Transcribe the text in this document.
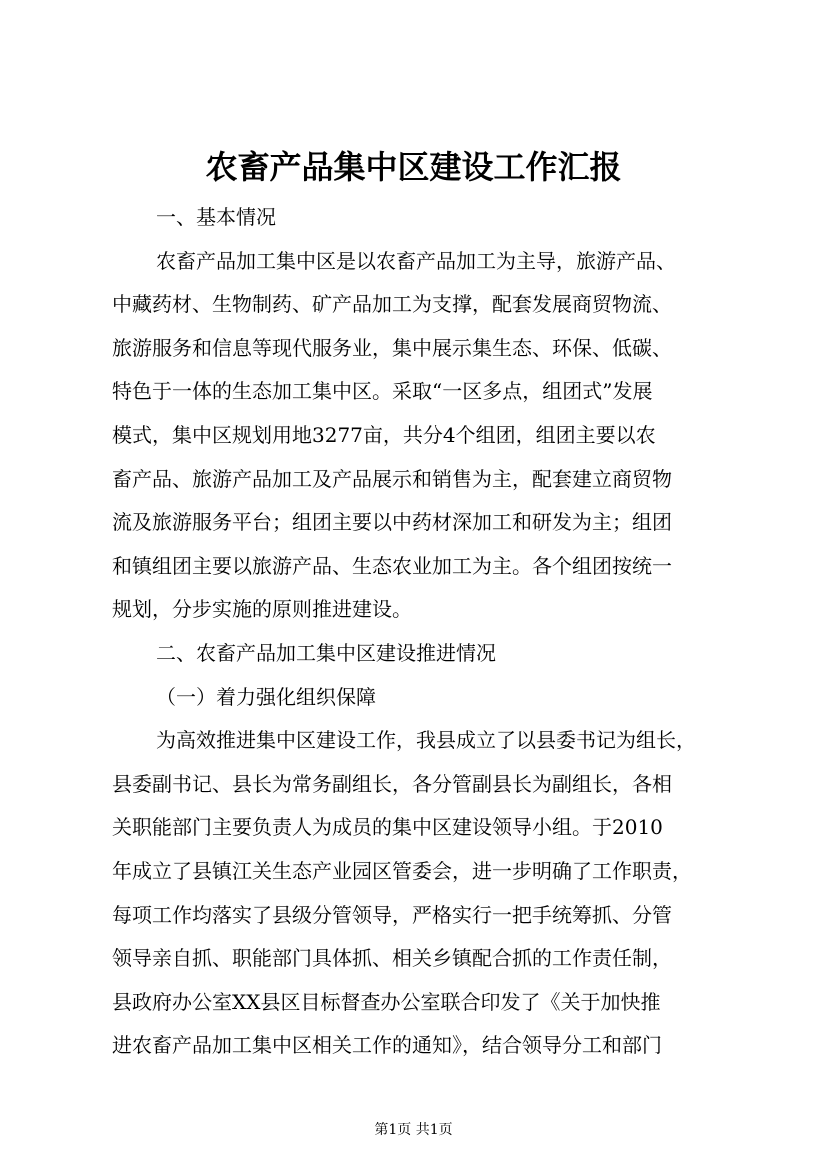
农畜产品集中区建设工作汇报
一、基本情况
农畜产品加工集中区是以农畜产品加工为主导，旅游产品、
中藏药材、生物制药、矿产品加工为支撑，配套发展商贸物流、
旅游服务和信息等现代服务业，集中展示集生态、环保、低碳、
特色于一体的生态加工集中区。采取“一区多点，组团式”发展
模式，集中区规划用地3277亩，共分4个组团，组团主要以农
畜产品、旅游产品加工及产品展示和销售为主，配套建立商贸物
流及旅游服务平台；组团主要以中药材深加工和研发为主；组团
和镇组团主要以旅游产品、生态农业加工为主。各个组团按统一
规划，分步实施的原则推进建设。
二、农畜产品加工集中区建设推进情况
（一）着力强化组织保障
为高效推进集中区建设工作，我县成立了以县委书记为组长，
县委副书记、县长为常务副组长，各分管副县长为副组长，各相
关职能部门主要负责人为成员的集中区建设领导小组。于2010
年成立了县镇江关生态产业园区管委会，进一步明确了工作职责，
每项工作均落实了县级分管领导，严格实行一把手统筹抓、分管
领导亲自抓、职能部门具体抓、相关乡镇配合抓的工作责任制，
县政府办公室XX县区目标督查办公室联合印发了《关于加快推
进农畜产品加工集中区相关工作的通知》，结合领导分工和部门
第1页 共1页
